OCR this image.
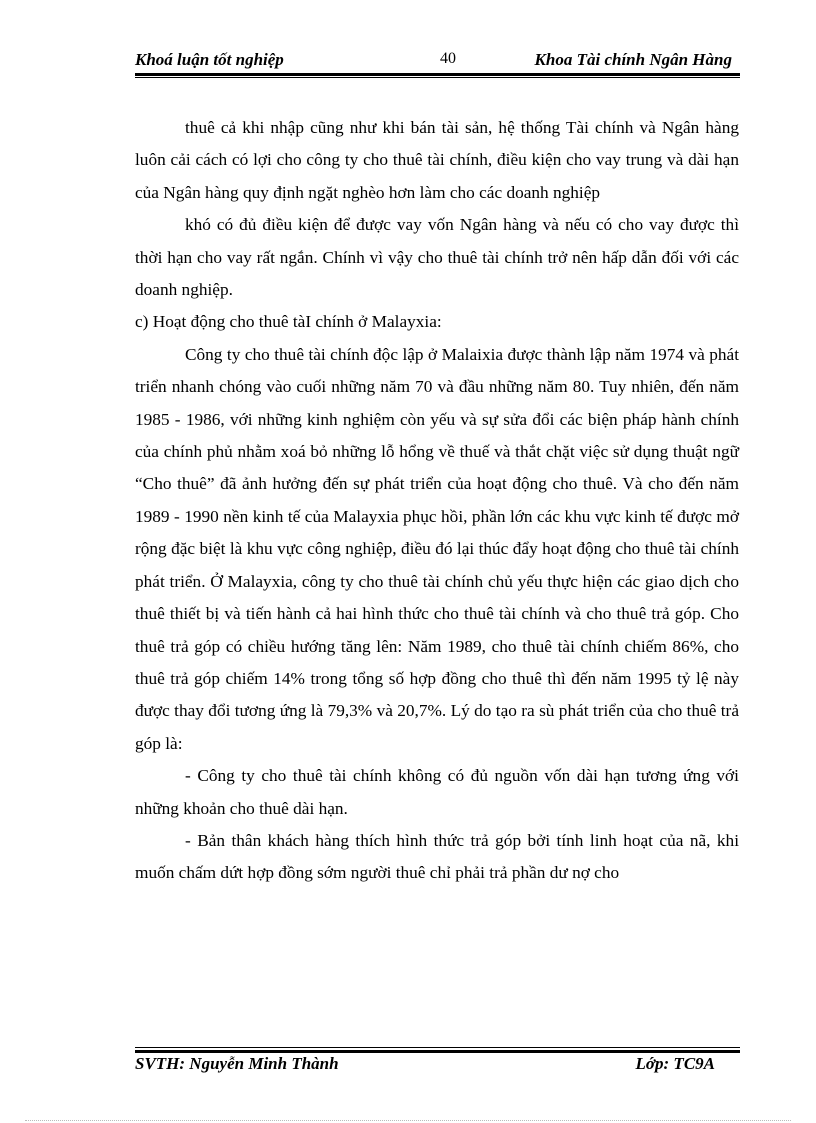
Khoá luận tốt nghiệp	40	Khoa Tài chính Ngân Hàng

thuê cả khi nhập cũng như khi bán tài sản, hệ thống Tài chính và Ngân hàng luôn cải cách có lợi cho công ty cho thuê tài chính, điều kiện cho vay trung và dài hạn của Ngân hàng quy định ngặt nghèo hơn làm cho các doanh nghiệp

khó có đủ điều kiện để được vay vốn Ngân hàng và nếu có cho vay được thì thời hạn cho vay rất ngắn. Chính vì vậy cho thuê tài chính trở nên hấp dẫn đối với các doanh nghiệp.

c) Hoạt động cho thuê tàI chính ở Malayxia:

Công ty cho thuê tài chính độc lập ở Malaixia được thành lập năm 1974 và phát triển nhanh chóng vào cuối những năm 70 và đầu những năm 80. Tuy nhiên, đến năm 1985 - 1986, với những kinh nghiệm còn yếu và sự sửa đổi các biện pháp hành chính của chính phủ nhằm xoá bỏ những lỗ hổng về thuế và thắt chặt việc sử dụng thuật ngữ “Cho thuê” đã ảnh hưởng đến sự phát triển của hoạt động cho thuê. Và cho đến năm 1989 - 1990 nền kinh tế của Malayxia phục hồi, phần lớn các khu vực kinh tế được mở rộng đặc biệt là khu vực công nghiệp, điều đó lại thúc đẩy hoạt động cho thuê tài chính phát triển. Ở Malayxia, công ty cho thuê tài chính chủ yếu thực hiện các giao dịch cho thuê thiết bị và tiến hành cả hai hình thức cho thuê tài chính và cho thuê trả góp. Cho thuê trả góp có chiều hướng tăng lên: Năm 1989, cho thuê tài chính chiếm 86%, cho thuê trả góp chiếm 14% trong tổng số hợp đồng cho thuê thì đến năm 1995 tỷ lệ này được thay đổi tương ứng là 79,3% và 20,7%. Lý do tạo ra sù phát triển của cho thuê trả góp là:

- Công ty cho thuê tài chính không có đủ nguồn vốn dài hạn tương ứng với những khoản cho thuê dài hạn.

- Bản thân khách hàng thích hình thức trả góp bởi tính linh hoạt của nã, khi muốn chấm dứt hợp đồng sớm người thuê chỉ phải trả phần dư nợ cho

SVTH: Nguyễn Minh Thành	Lớp: TC9A
